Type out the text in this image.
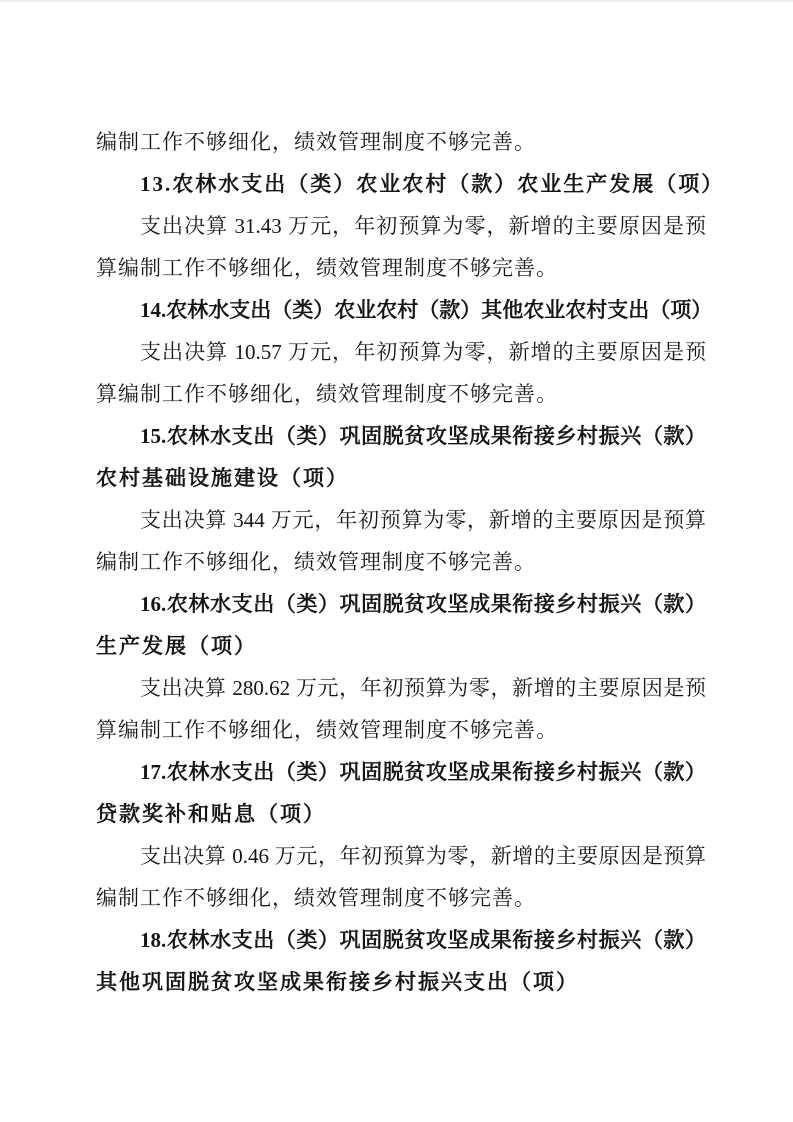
编制工作不够细化，绩效管理制度不够完善。
13.农林水支出（类）农业农村（款）农业生产发展（项）
支出决算 31.43 万元，年初预算为零，新增的主要原因是预
算编制工作不够细化，绩效管理制度不够完善。
14.农林水支出（类）农业农村（款）其他农业农村支出（项）
支出决算 10.57 万元，年初预算为零，新增的主要原因是预
算编制工作不够细化，绩效管理制度不够完善。
15.农林水支出（类）巩固脱贫攻坚成果衔接乡村振兴（款）
农村基础设施建设（项）
支出决算 344 万元，年初预算为零，新增的主要原因是预算
编制工作不够细化，绩效管理制度不够完善。
16.农林水支出（类）巩固脱贫攻坚成果衔接乡村振兴（款）
生产发展（项）
支出决算 280.62 万元，年初预算为零，新增的主要原因是预
算编制工作不够细化，绩效管理制度不够完善。
17.农林水支出（类）巩固脱贫攻坚成果衔接乡村振兴（款）
贷款奖补和贴息（项）
支出决算 0.46 万元，年初预算为零，新增的主要原因是预算
编制工作不够细化，绩效管理制度不够完善。
18.农林水支出（类）巩固脱贫攻坚成果衔接乡村振兴（款）
其他巩固脱贫攻坚成果衔接乡村振兴支出（项）
